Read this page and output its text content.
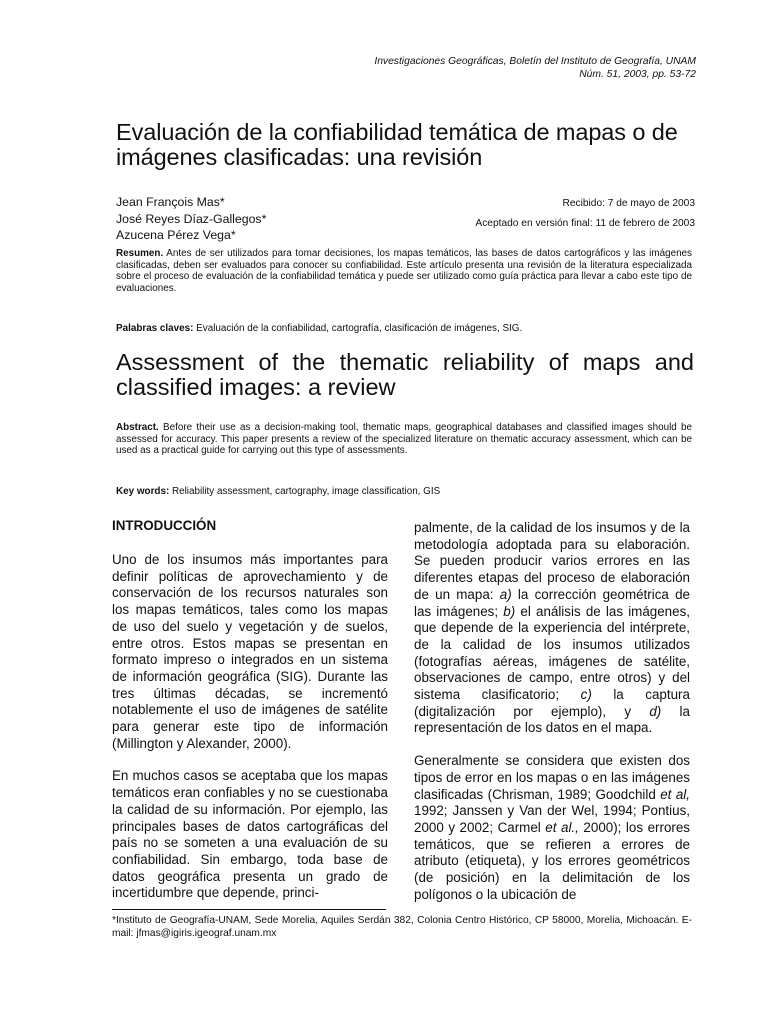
Investigaciones Geográficas, Boletín del Instituto de Geografía, UNAM
Núm. 51, 2003, pp. 53-72
Evaluación de la confiabilidad temática de mapas o de imágenes clasificadas: una revisión
Jean François Mas*
José Reyes Díaz-Gallegos*
Azucena Pérez Vega*
Recibido: 7 de mayo de 2003
Aceptado en versión final: 11 de febrero de 2003
Resumen. Antes de ser utilizados para tomar decisiones, los mapas temáticos, las bases de datos cartográficos y las imágenes clasificadas, deben ser evaluados para conocer su confiabilidad. Este artículo presenta una revisión de la literatura especializada sobre el proceso de evaluación de la confiabilidad temática y puede ser utilizado como guía práctica para llevar a cabo este tipo de evaluaciones.
Palabras claves: Evaluación de la confiabilidad, cartografía, clasificación de imágenes, SIG.
Assessment of the thematic reliability of maps and classified images: a review
Abstract. Before their use as a decision-making tool, thematic maps, geographical databases and classified images should be assessed for accuracy. This paper presents a review of the specialized literature on thematic accuracy assessment, which can be used as a practical guide for carrying out this type of assessments.
Key words: Reliability assessment, cartography, image classification, GIS

INTRODUCCIÓN

Uno de los insumos más importantes para definir políticas de aprovechamiento y de conservación de los recursos naturales son los mapas temáticos, tales como los mapas de uso del suelo y vegetación y de suelos, entre otros. Estos mapas se presentan en formato impreso o integrados en un sistema de información geográfica (SIG). Durante las tres últimas décadas, se incrementó notablemente el uso de imágenes de satélite para generar este tipo de información (Millington y Alexander, 2000).

En muchos casos se aceptaba que los mapas temáticos eran confiables y no se cuestionaba la calidad de su información. Por ejemplo, las principales bases de datos cartográficas del país no se someten a una evaluación de su confiabilidad. Sin embargo, toda base de datos geográfica presenta un grado de incertidumbre que depende, princi-

palmente, de la calidad de los insumos y de la metodología adoptada para su elaboración. Se pueden producir varios errores en las diferentes etapas del proceso de elaboración de un mapa: a) la corrección geométrica de las imágenes; b) el análisis de las imágenes, que depende de la experiencia del intérprete, de la calidad de los insumos utilizados (fotografías aéreas, imágenes de satélite, observaciones de campo, entre otros) y del sistema clasificatorio; c) la captura (digitalización por ejemplo), y d) la representación de los datos en el mapa.

Generalmente se considera que existen dos tipos de error en los mapas o en las imágenes clasificadas (Chrisman, 1989; Goodchild et al, 1992; Janssen y Van der Wel, 1994; Pontius, 2000 y 2002; Carmel et al., 2000); los errores temáticos, que se refieren a errores de atributo (etiqueta), y los errores geométricos (de posición) en la delimitación de los polígonos o la ubicación de

*Instituto de Geografía-UNAM, Sede Morelia, Aquiles Serdán 382, Colonia Centro Histórico, CP 58000, Morelia, Michoacán. E-mail: jfmas@igiris.igeograf.unam.mx
